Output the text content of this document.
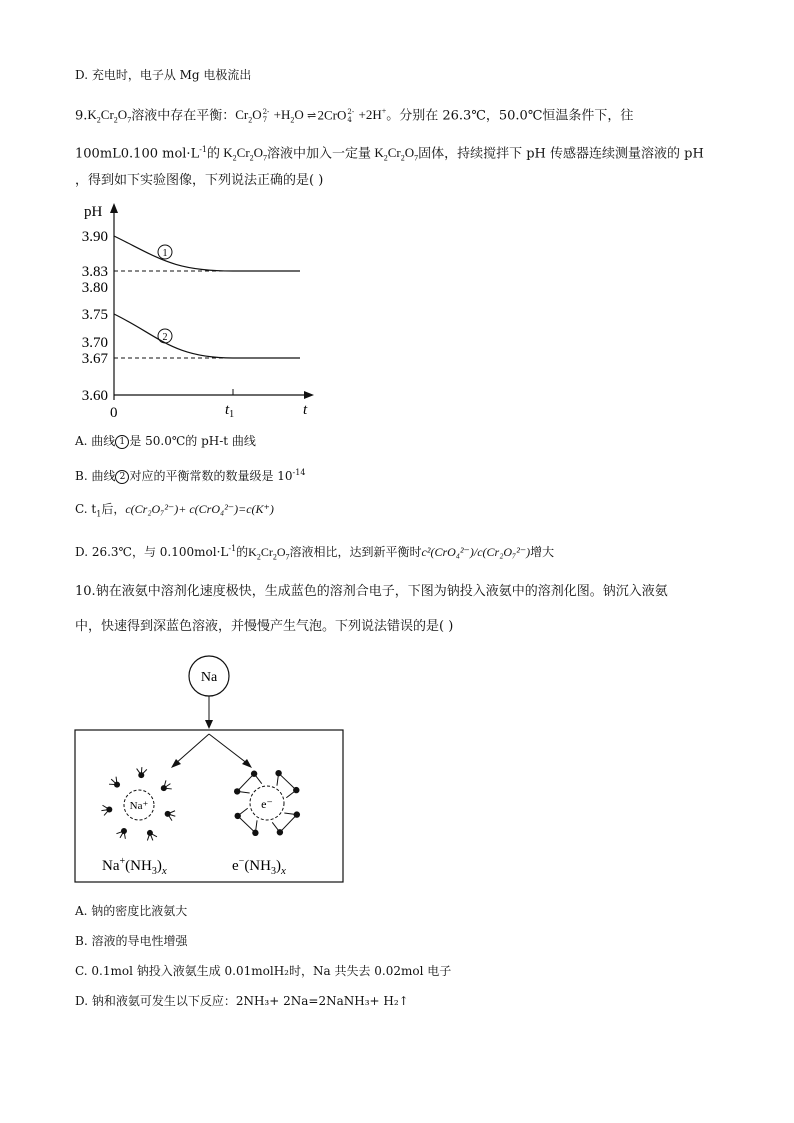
D. 充电时，电子从 Mg 电极流出
$9.K_2Cr_2O_7$溶液中存在平衡：$Cr_2O$ 2-
$7 +H_2O$ ⇌ 2CrO 2-
4 +2H+。分别在 26.3℃，50.0℃恒温条件下，往
100mL0.100 $mol\cdot L^{-1}$的 $K_2Cr_2O_7$溶液中加入一定量 $K_2Cr_2O_7$固体，持续搅拌下 pH 传感器连续测量溶液的 pH
，得到如下实验图像，下列说法正确的是( )
pH
t
0	$t_1$
3.90
3.83
3.80
3.75
3.70
3.67
3.60
1
2
A. 曲线 1 是 50.0℃的 pH-t 曲线
B. 曲线 2 对应的平衡常数的数量级是 $10^{-14}$
C. $t_1$后，c(Cr₂O₇²⁻)+ c(CrO₄²⁻)=c(K⁺)
D. 26.3℃，与 $0.100mol\cdot L^{-1}$的$K_2Cr_2O_7$溶液相比，达到新平衡时c²(CrO₄²⁻)/c(Cr₂O₇²⁻)增大
10.钠在液氨中溶剂化速度极快，生成蓝色的溶剂合电子，下图为钠投入液氨中的溶剂化图。钠沉入液氨
中，快速得到深蓝色溶液，并慢慢产生气泡。下列说法错误的是( )
Na
Na⁺	e⁻
$Na^+(NH_3)_x$	$e^-(NH_3)_x$
A. 钠的密度比液氨大
B. 溶液的导电性增强
C. 0.1mol 钠投入液氨生成 0.01molH₂时，Na 共失去 0.02mol 电子
D. 钠和液氨可发生以下反应：2NH₃+ 2Na=2NaNH₃+ H₂↑
